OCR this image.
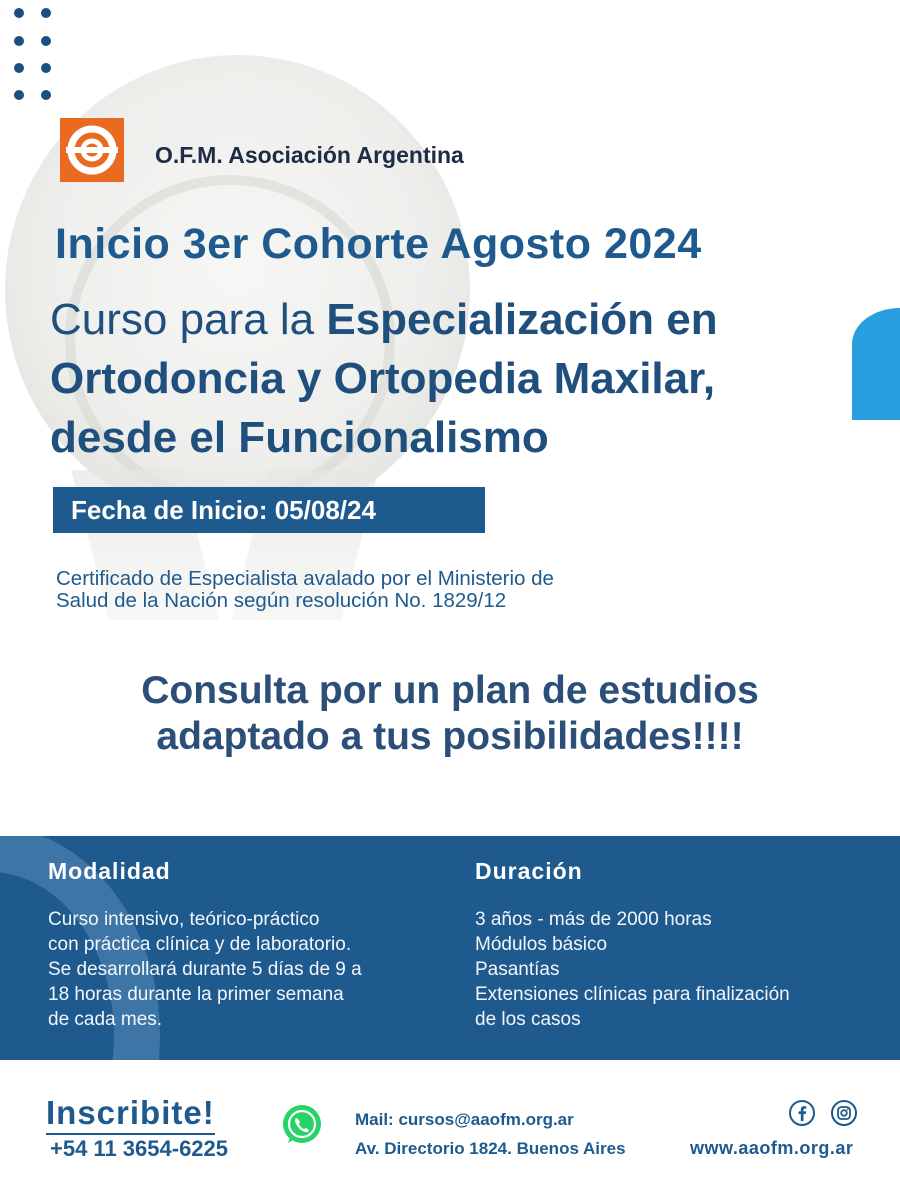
O.F.M. Asociación Argentina
Inicio 3er Cohorte Agosto 2024
Curso para la Especialización en Ortodoncia y Ortopedia Maxilar, desde el Funcionalismo
Fecha de Inicio: 05/08/24
Certificado de Especialista avalado por el Ministerio de
Salud de la Nación según resolución No. 1829/12
Consulta por un plan de estudios
adaptado a tus posibilidades!!!!
Modalidad

Curso intensivo, teórico-práctico
con práctica clínica y de laboratorio.
Se desarrollará durante 5 días de 9 a
18 horas durante la primer semana
de cada mes.

Duración

3 años - más de 2000 horas
Módulos básico
Pasantías
Extensiones clínicas para finalización
de los casos

Inscribite!
+54 11 3654-6225
Mail: cursos@aaofm.org.ar
Av. Directorio 1824. Buenos Aires	www.aaofm.org.ar
